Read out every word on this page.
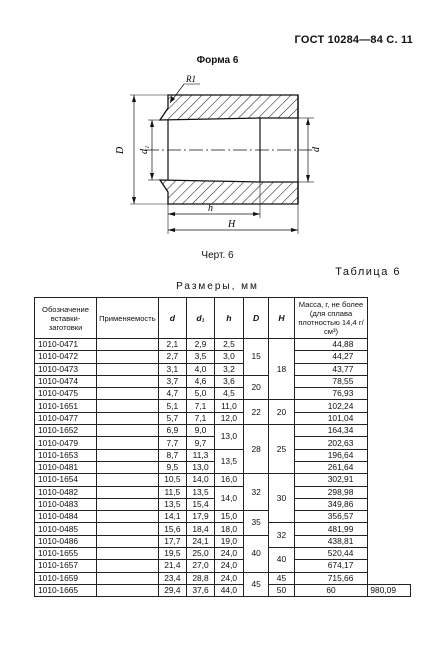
ГОСТ 10284—84 С. 11
Форма 6
D d₁	d
h
H
R1
Черт. 6
Таблица 6
Размеры, мм
Обозначение вставки-заготовки	Применяемость	d	d₁	h	D	H	Масса, г, не более (для сплава плотностью 14,4 г/см³)	
1010-0471		2,1	2,9	2,5	15	18	44,88	
1010-0472		2,7	3,5	3,0			44,27	
1010-0473		3,1	4,0	3,2			43,77	
1010-0474		3,7	4,6	3,6	20		78,55	
1010-0475		4,7	5,0	4,5			76,93	
1010-1651		5,1	7,1	11,0	22	20	102,24	
1010-0477		5,7	7,1	12,0			101,04	
1010-1652		6,9	9,0	13,0	28	25	164,34	
1010-0479		7,7	9,7				202,63	
1010-1653		8,7	11,3	13,5			196,64	
1010-0481		9,5	13,0				261,64	
1010-1654		10,5	14,0	16,0	32	30	302,91	
1010-0482		11,5	13,5	14,0			298,98	
1010-0483		13,5	15,4				349,86	
1010-0484		14,1	17,9	15,0	35		356,57	
1010-0485		15,6	18,4	18,0		32	481,99	
1010-0486		17,7	24,1	19,0	40		438,81	
1010-1655		19,5	25,0	24,0		40	520,44	
1010-1657		21,4	27,0	24,0			674,17	
1010-1659		23,4	28,8	24,0	45	45	715,66	
1010-1665		29,4	37,6	44,0		50	60	980,09
